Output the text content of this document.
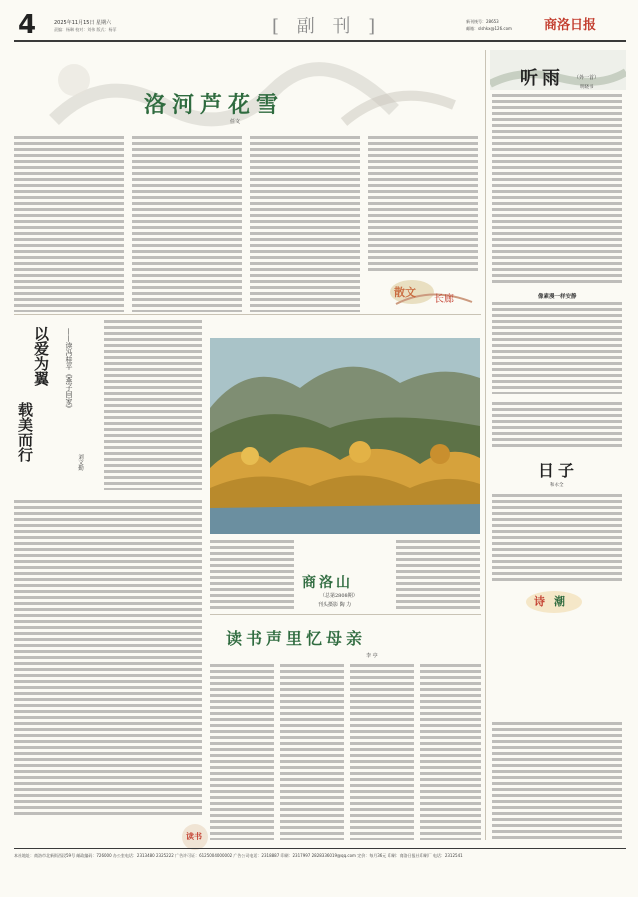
4	2025年11月15日 星期六
责编：杨琳 校对：刘伟 版式：杨菲	[ 副 刊 ]	新刊统号：28653
邮箱：slshkx@126.com 商洛日报
洛河芦花雪
任文
散文
长廊
听雨 （外一首）
明晓书
像素漫一样安静
日子
和永全
诗 潮
以爱为翼
载美而行
——读冯桂平《燕子回家》
刘文勤
商洛山
（总第2808期）
刊头摄影 陶 力
读书声里忆母亲
李 亭
读书
本社地址：商洛市北新街西段59号 邮政编码：726000 办公室电话：2313480 2325222 广告许可证：6125004000002 广告公司电话：2318887 印刷：2317997 2828336019@qq.com 定价：每月36元 印刷：商洛日报社印刷厂 电话：2312541
